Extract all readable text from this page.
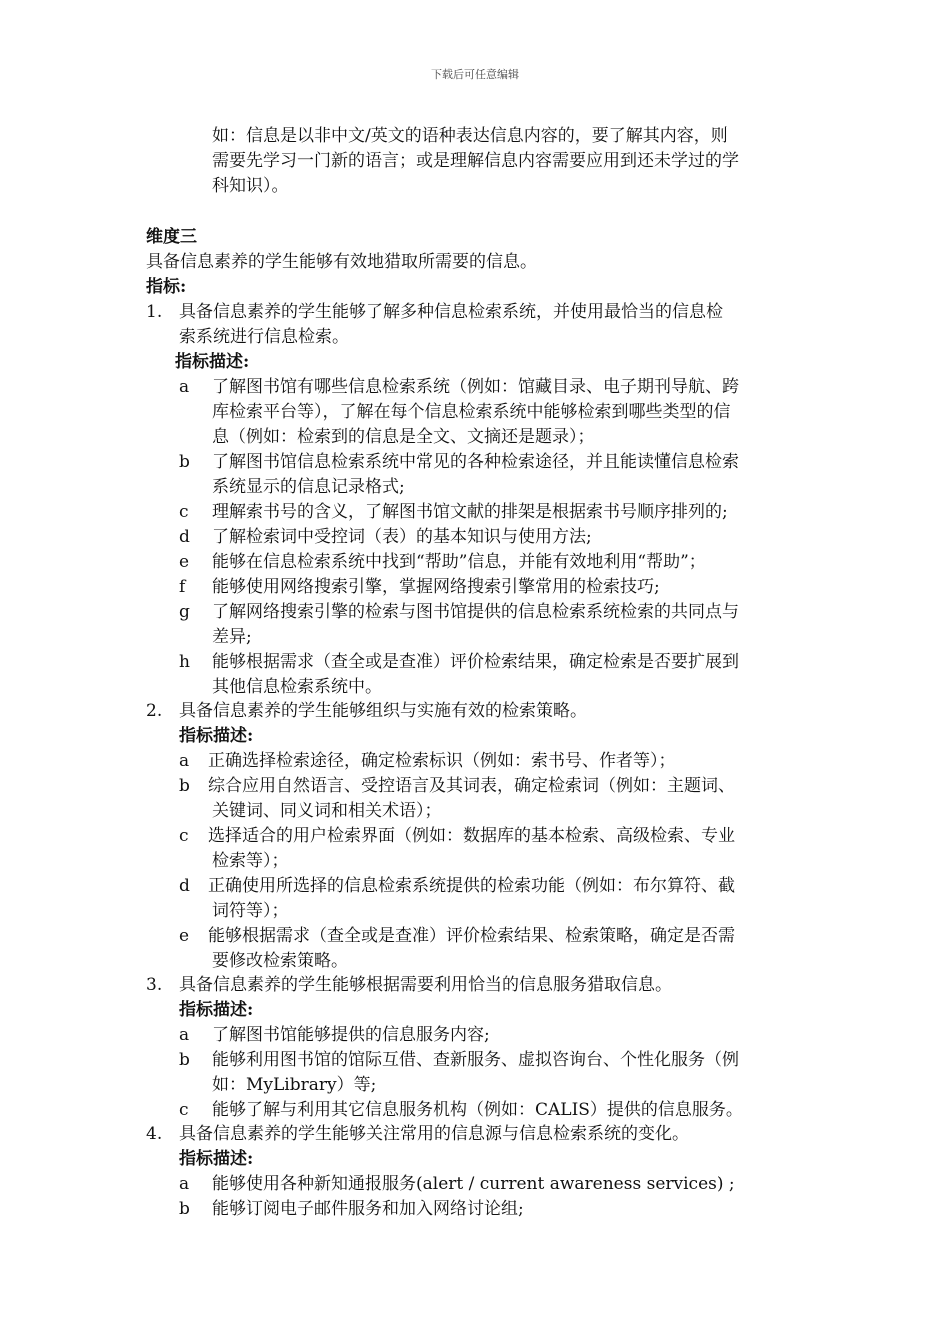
下载后可任意编辑
如：信息是以非中文/英文的语种表达信息内容的，要了解其内容，则
需要先学习一门新的语言；或是理解信息内容需要应用到还未学过的学
科知识）。
维度三
具备信息素养的学生能够有效地猎取所需要的信息。
指标:
1. 具备信息素养的学生能够了解多种信息检索系统，并使用最恰当的信息检
索系统进行信息检索。
指标描述:
a 了解图书馆有哪些信息检索系统（例如：馆藏目录、电子期刊导航、跨
库检索平台等），了解在每个信息检索系统中能够检索到哪些类型的信
息（例如：检索到的信息是全文、文摘还是题录）；
b 了解图书馆信息检索系统中常见的各种检索途径，并且能读懂信息检索
系统显示的信息记录格式;
c 理解索书号的含义，了解图书馆文献的排架是根据索书号顺序排列的;
d 了解检索词中受控词（表）的基本知识与使用方法;
e 能够在信息检索系统中找到“帮助”信息，并能有效地利用“帮助”；
f 能够使用网络搜索引擎，掌握网络搜索引擎常用的检索技巧;
g 了解网络搜索引擎的检索与图书馆提供的信息检索系统检索的共同点与
差异;
h 能够根据需求（查全或是查准）评价检索结果，确定检索是否要扩展到
其他信息检索系统中。
2. 具备信息素养的学生能够组织与实施有效的检索策略。
指标描述:
a 正确选择检索途径，确定检索标识（例如：索书号、作者等）；
b 综合应用自然语言、受控语言及其词表，确定检索词（例如：主题词、
关键词、同义词和相关术语）；
c 选择适合的用户检索界面（例如：数据库的基本检索、高级检索、专业
检索等）；
d 正确使用所选择的信息检索系统提供的检索功能（例如：布尔算符、截
词符等）；
e 能够根据需求（查全或是查准）评价检索结果、检索策略，确定是否需
要修改检索策略。
3. 具备信息素养的学生能够根据需要利用恰当的信息服务猎取信息。
指标描述:
a 了解图书馆能够提供的信息服务内容;
b 能够利用图书馆的馆际互借、查新服务、虚拟咨询台、个性化服务（例
如：MyLibrary）等;
c 能够了解与利用其它信息服务机构（例如：CALIS）提供的信息服务。
4. 具备信息素养的学生能够关注常用的信息源与信息检索系统的变化。
指标描述:
a 能够使用各种新知通报服务(alert / current awareness services) ;
b 能够订阅电子邮件服务和加入网络讨论组;
